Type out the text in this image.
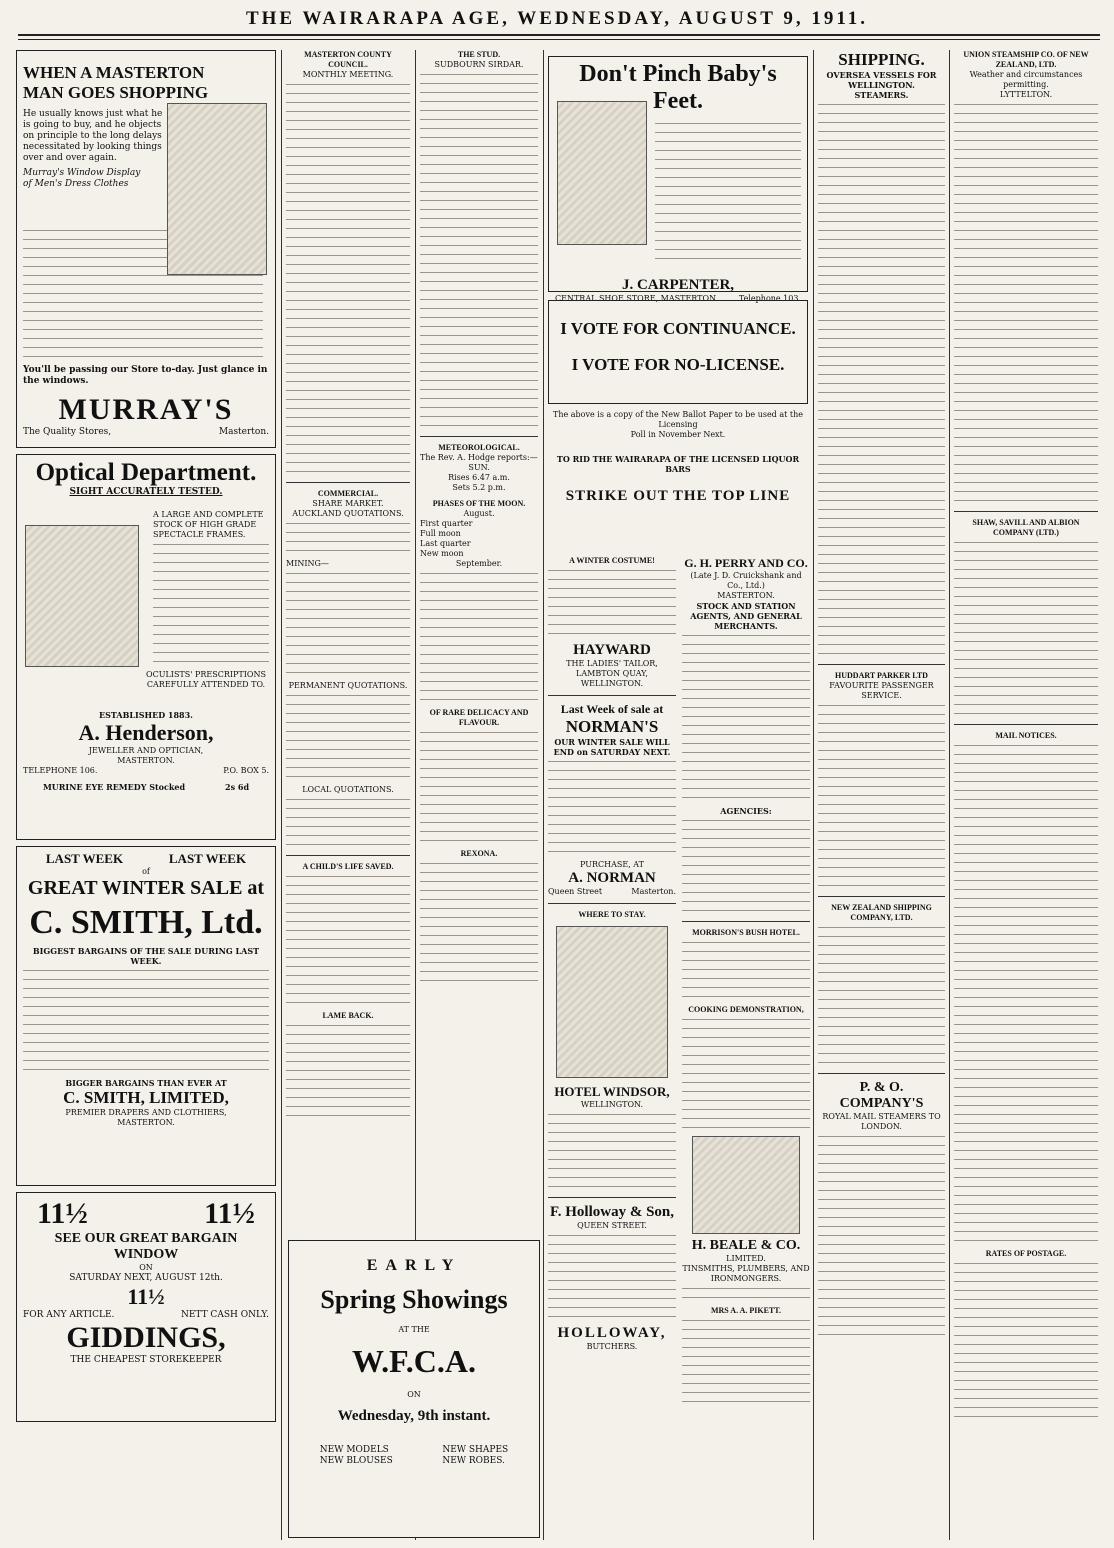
THE WAIRARAPA AGE, WEDNESDAY, AUGUST 9, 1911.
WHEN A MASTERTON
MAN GOES SHOPPING
He usually knows just what he is going to buy, and he objects on principle to the long delays necessitated by looking things over and over again.
Murray's Window Display of Men's Dress Clothes
You'll be passing our Store to-day. Just glance in the windows.
MURRAY'S
The Quality Stores,	Masterton.
Optical Department.
SIGHT ACCURATELY TESTED.
A LARGE AND COMPLETE STOCK OF HIGH GRADE SPECTACLE FRAMES.
OCULISTS' PRESCRIPTIONS CAREFULLY ATTENDED TO.
ESTABLISHED 1883.
A. Henderson,
JEWELLER AND OPTICIAN,
MASTERTON.
TELEPHONE 106.	P.O. BOX 5.
MURINE EYE REMEDY Stocked	2s 6d
LAST WEEK	LAST WEEK
of
GREAT WINTER SALE at
C. SMITH, Ltd.
BIGGEST BARGAINS OF THE SALE DURING LAST WEEK.
BIGGER BARGAINS THAN EVER AT
C. SMITH, LIMITED,
PREMIER DRAPERS AND CLOTHIERS,
MASTERTON.
11½	11½
SEE OUR GREAT BARGAIN
WINDOW
ON
SATURDAY NEXT, AUGUST 12th.
11½
FOR ANY ARTICLE.	NETT CASH ONLY.
GIDDINGS,
THE CHEAPEST STOREKEEPER
MASTERTON COUNTY COUNCIL.
MONTHLY MEETING.
COMMERCIAL.
SHARE MARKET.
AUCKLAND QUOTATIONS.
MINING—
PERMANENT QUOTATIONS.
LOCAL QUOTATIONS.
A CHILD'S LIFE SAVED.
LAME BACK.
THE STUD.
SUDBOURN SIRDAR.
METEOROLOGICAL.
The Rev. A. Hodge reports:—
SUN.
Rises 6.47 a.m.
Sets 5.2 p.m.
PHASES OF THE MOON.
August.
First quarter
Full moon
Last quarter
New moon
September.
OF RARE DELICACY AND FLAVOUR.
REXONA.
EARLY
Spring Showings
AT THE
W.F.C.A.
ON
Wednesday, 9th instant.
NEW MODELS
NEW BLOUSES
NEW SHAPES
NEW ROBES.
Don't Pinch Baby's Feet.
J. CARPENTER,
CENTRAL SHOE STORE, MASTERTON.	Telephone 103.
I VOTE FOR CONTINUANCE.
I VOTE FOR NO-LICENSE.
The above is a copy of the New Ballot Paper to be used at the Licensing
Poll in November Next.
TO RID THE WAIRARAPA OF THE LICENSED LIQUOR BARS
STRIKE OUT THE TOP LINE
A WINTER COSTUME!
HAYWARD
THE LADIES' TAILOR,
LAMBTON QUAY, WELLINGTON.
Last Week of sale at
NORMAN'S
OUR WINTER SALE WILL END on SATURDAY NEXT.
PURCHASE, AT
A. NORMAN
Queen Street	Masterton.
WHERE TO STAY.
HOTEL WINDSOR,
WELLINGTON.
F. Holloway & Son,
QUEEN STREET.
HOLLOWAY,
BUTCHERS.
G. H. PERRY AND CO.
(Late J. D. Cruickshank and Co., Ltd.)
MASTERTON.
STOCK AND STATION AGENTS, AND GENERAL MERCHANTS.
AGENCIES:
MORRISON'S BUSH HOTEL.
COOKING DEMONSTRATION,
H. BEALE & CO.
LIMITED.
TINSMITHS, PLUMBERS, AND IRONMONGERS.
MRS A. A. PIKETT.
SHIPPING.
OVERSEA VESSELS FOR WELLINGTON.
STEAMERS.
HUDDART PARKER LTD
FAVOURITE PASSENGER SERVICE.
NEW ZEALAND SHIPPING COMPANY, LTD.
P. & O. COMPANY'S
ROYAL MAIL STEAMERS TO LONDON.
UNION STEAMSHIP CO. OF NEW ZEALAND, LTD.
Weather and circumstances permitting.
LYTTELTON.
SHAW, SAVILL AND ALBION COMPANY (LTD.)
MAIL NOTICES.
RATES OF POSTAGE.
